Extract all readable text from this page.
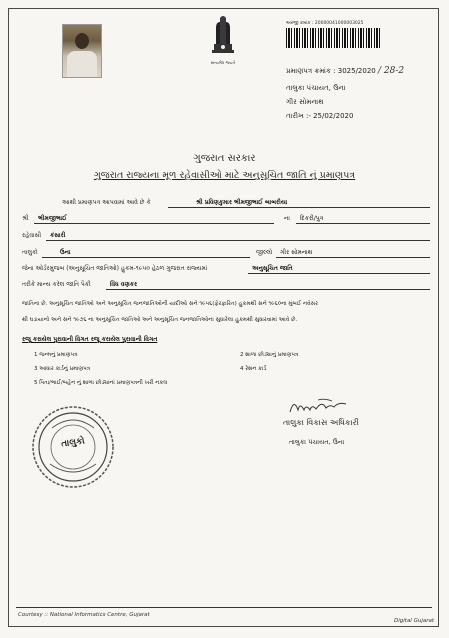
સત્યમેવ જયતે
અરજી ક્રમાંક : 20000041000003025
પ્રમાણપત્ર ક્રમાંક : 3025/2020 / 28-2
તાલુકા પંચાયત, ઉના
ગીર સોમનાથ
તારીખ :- 25/02/2020
ગુજરાત સરકાર
ગુજરાત રાજ્યના મૂળ રહેવાસીઓ માટે અનુસૂચિત જાતિ નું પ્રમાણપત્ર
આથી પ્રમાણપત્ર આપવામાં આવે છે કે	શ્રી પ્રવિણકુમાર ભીમજીભાઈ બાબરીયા
શ્રી ભીમજીભાઈ	ના દિકરી/પુત્ર
રહેવાસી કંસારી
તાલુકો	ઉના	જીલ્લો ગીર સોમનાથ
જેના ઓર્ડરમુજબ (અનુસૂચિત જાતિઓ) હુકમ-૧૯૫૦ હેઠળ ગુજરાત રાજ્યમાં	અનુસૂચિત જાતિ
તરીકે માન્ય કરેલ જાતિ પૈકી	વિંધ વણકર
જાતિના છે. અનુસૂચિત જાતિઓ અને અનુસૂચિત જનજાતિઓની યાદીઓ સને ૧૯૫૬(ફેરફારિત) હુકમથી સને ૧૯૬૦ના મુંબઈ નવેસર
થી ઘડાયાનો અને સને ૧૯૭૬ ના અનુસૂચિત જાતિઓ અને અનુસૂચિત જનજાતિઓના સુધારેલા હુકમથી સુધારવામાં આવે છે.
રજૂ કરાયેલ પુરાવાની વિગત રજૂ કરાયેલ પુરાવાની વિગત
1 જન્મનું પ્રમાણપત્ર	2 શાળા છોડ્યાનું પ્રમાણપત્ર
3 આધાર કાર્ડનું પ્રમાણપત્ર	4 રેશન કાર્ડ
5 પિતા/ભાઈ/બહેન નું શાળા છોડ્યાનાં પ્રમાણપત્રની ખરી નકલ
તાલુકા વિકાસ અધિકારી
તાલુકા પંચાયત, ઉના
તાલુકો
Courtesy :: National Informatics Centre, Gujarat
Digital Gujarat
